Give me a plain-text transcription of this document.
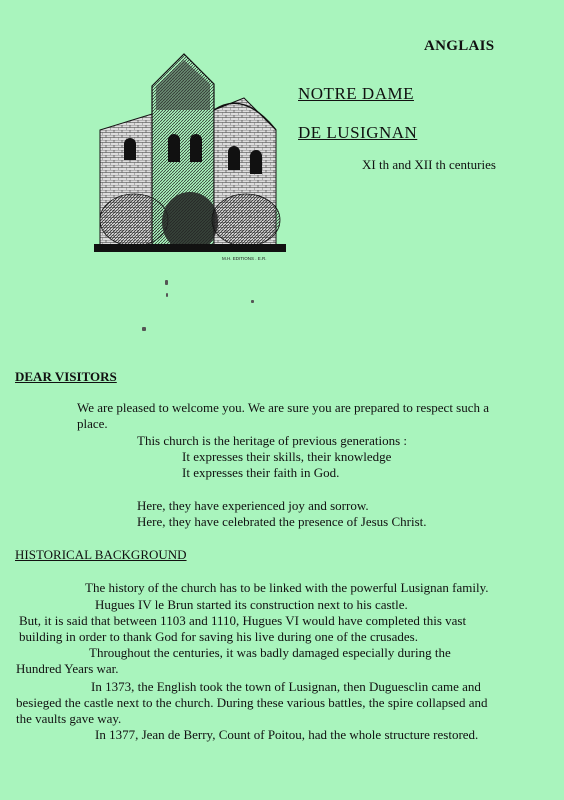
ANGLAIS
NOTRE DAME
DE LUSIGNAN
XI th and XII th centuries
M.H. EDITIONS . E.R.
DEAR VISITORS
We are pleased to welcome you. We are sure you are prepared to respect such a
place.
This church is the heritage of previous generations :
It expresses their skills, their knowledge
It expresses their faith in God.
Here, they have experienced joy and sorrow.
Here, they have celebrated the presence of Jesus Christ.
HISTORICAL BACKGROUND
The history of the church has to be linked with the powerful Lusignan family.
Hugues IV le Brun started its construction next to his castle.
But, it is said that between 1103 and 1110, Hugues VI would have completed this vast
building in order to thank God for saving his live during one of the crusades.
Throughout the centuries, it was badly damaged especially during the
Hundred Years war.
In 1373, the English took the town of Lusignan, then Duguesclin came and
besieged the castle next to the church. During these various battles, the spire collapsed and
the vaults gave way.
In 1377, Jean de Berry, Count of Poitou, had the whole structure restored.
